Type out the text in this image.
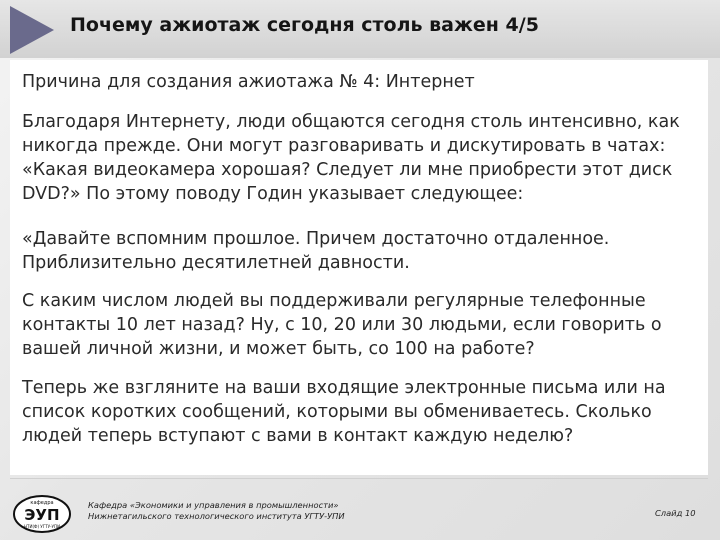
Почему ажиотаж сегодня столь важен 4/5

Причина для создания ажиотажа № 4: Интернет

Благодаря Интернету, люди общаются сегодня столь интенсивно, как никогда прежде. Они могут разговаривать и дискутировать в чатах: «Какая видеокамера хорошая? Следует ли мне приобрести этот диск DVD?» По этому поводу Годин указывает следующее:

«Давайте вспомним прошлое. Причем достаточно отдаленное. Приблизительно десятилетней давности.

С каким числом людей вы поддерживали регулярные телефонные контакты 10 лет назад? Ну, с 10, 20 или 30 людьми, если говорить о вашей личной жизни, и может быть, со 100 на работе?

Теперь же взгляните на ваши входящие электронные письма или на список коротких сообщений, которыми вы обмениваетесь. Сколько людей теперь вступают с вами в контакт каждую неделю?

кафедра
ЭУП
НТИ(Ф) УГТУ-УПИ
Кафедра «Экономики и управления в промышленности»
Нижнетагильского технологического института УГТУ-УПИ	Слайд 10
